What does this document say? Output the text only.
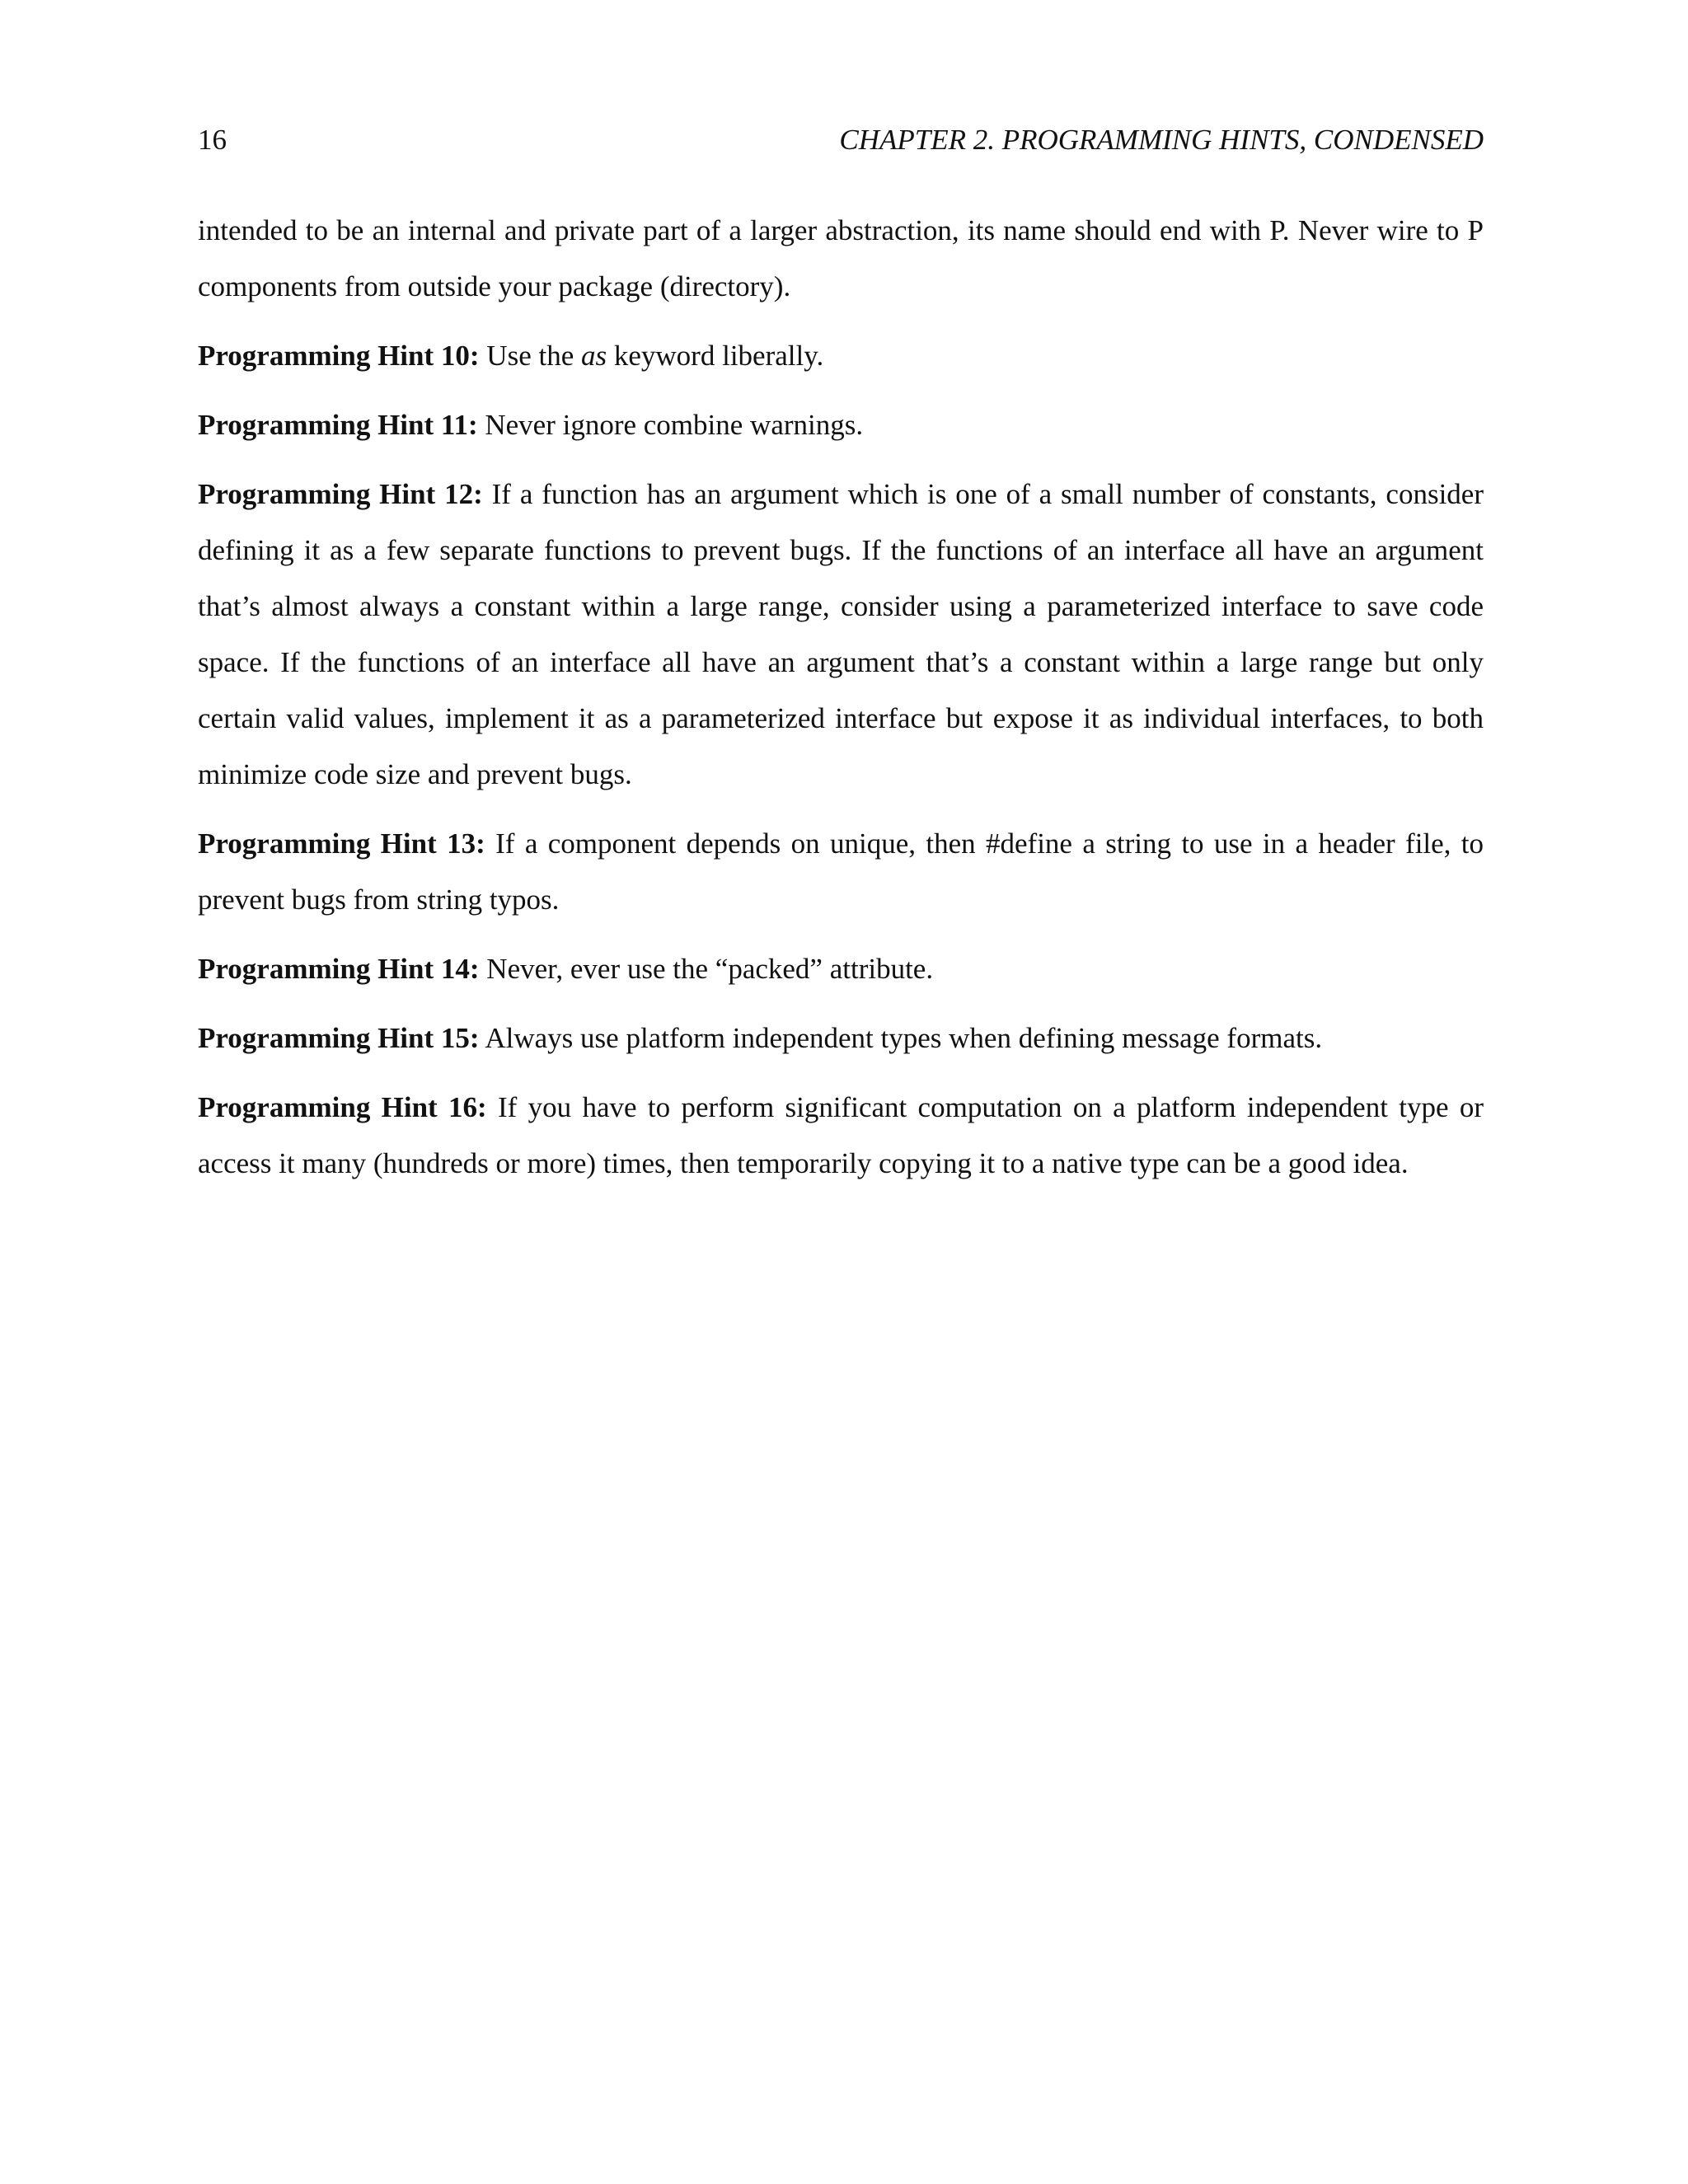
16	CHAPTER 2. PROGRAMMING HINTS, CONDENSED

intended to be an internal and private part of a larger abstraction, its name should end with P. Never wire to P components from outside your package (directory).

Programming Hint 10: Use the as keyword liberally.

Programming Hint 11: Never ignore combine warnings.

Programming Hint 12: If a function has an argument which is one of a small number of constants, consider defining it as a few separate functions to prevent bugs. If the functions of an interface all have an argument that’s almost always a constant within a large range, consider using a parameterized interface to save code space. If the functions of an interface all have an argument that’s a constant within a large range but only certain valid values, implement it as a parameterized interface but expose it as individual interfaces, to both minimize code size and prevent bugs.

Programming Hint 13: If a component depends on unique, then #define a string to use in a header file, to prevent bugs from string typos.

Programming Hint 14: Never, ever use the “packed” attribute.

Programming Hint 15: Always use platform independent types when defining message formats.

Programming Hint 16: If you have to perform significant computation on a platform independent type or access it many (hundreds or more) times, then temporarily copying it to a native type can be a good idea.
